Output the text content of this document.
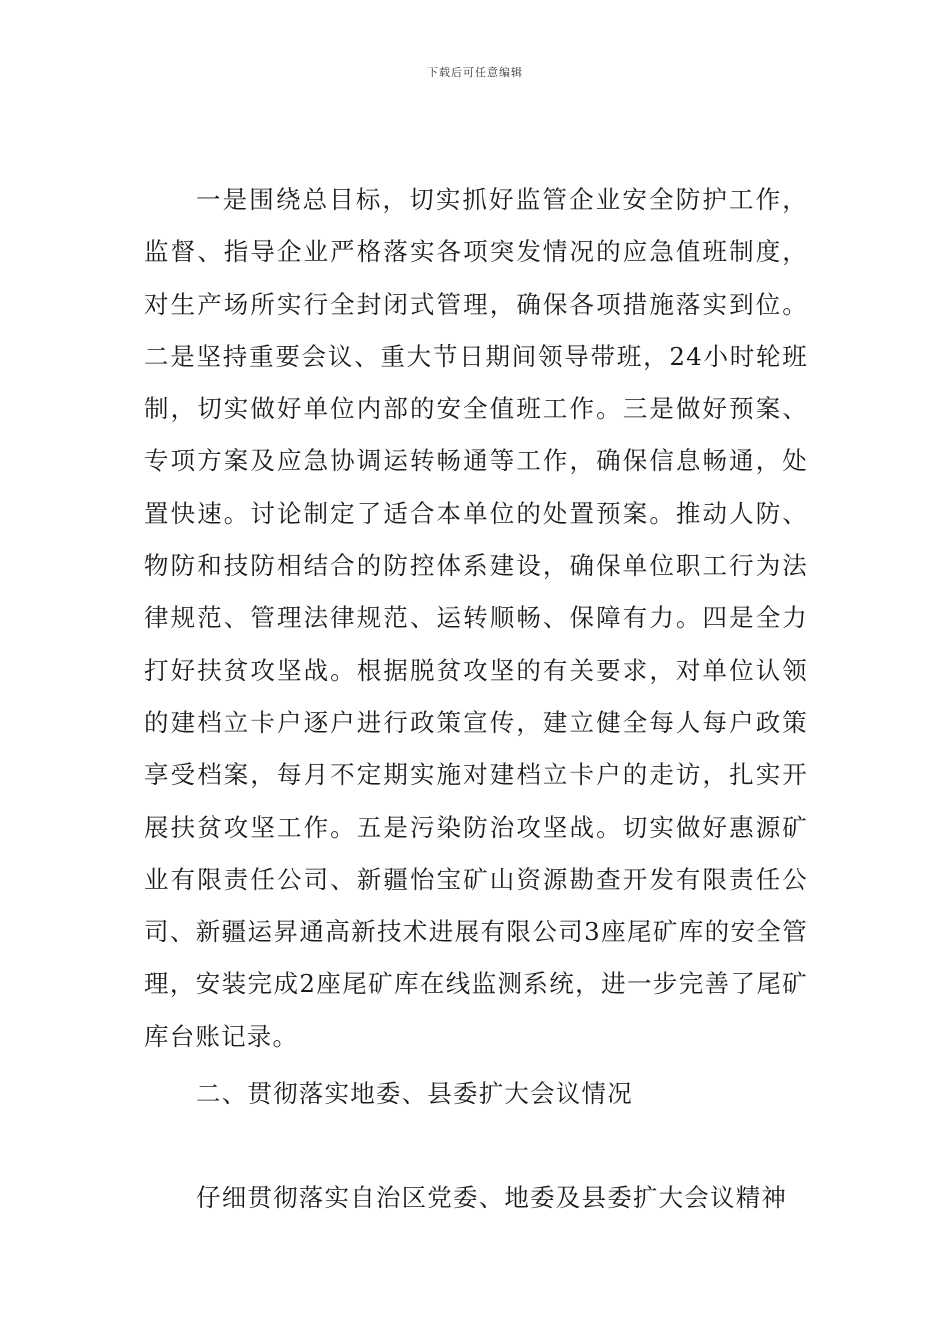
下载后可任意编辑

一是围绕总目标，切实抓好监管企业安全防护工作，监督、指导企业严格落实各项突发情况的应急值班制度，对生产场所实行全封闭式管理，确保各项措施落实到位。二是坚持重要会议、重大节日期间领导带班，24小时轮班制，切实做好单位内部的安全值班工作。三是做好预案、专项方案及应急协调运转畅通等工作，确保信息畅通，处置快速。讨论制定了适合本单位的处置预案。推动人防、物防和技防相结合的防控体系建设，确保单位职工行为法律规范、管理法律规范、运转顺畅、保障有力。四是全力打好扶贫攻坚战。根据脱贫攻坚的有关要求，对单位认领的建档立卡户逐户进行政策宣传，建立健全每人每户政策享受档案，每月不定期实施对建档立卡户的走访，扎实开展扶贫攻坚工作。五是污染防治攻坚战。切实做好惠源矿业有限责任公司、新疆怡宝矿山资源勘查开发有限责任公司、新疆运昇通高新技术进展有限公司3座尾矿库的安全管理，安装完成2座尾矿库在线监测系统，进一步完善了尾矿库台账记录。

二、贯彻落实地委、县委扩大会议情况

仔细贯彻落实自治区党委、地委及县委扩大会议精神
